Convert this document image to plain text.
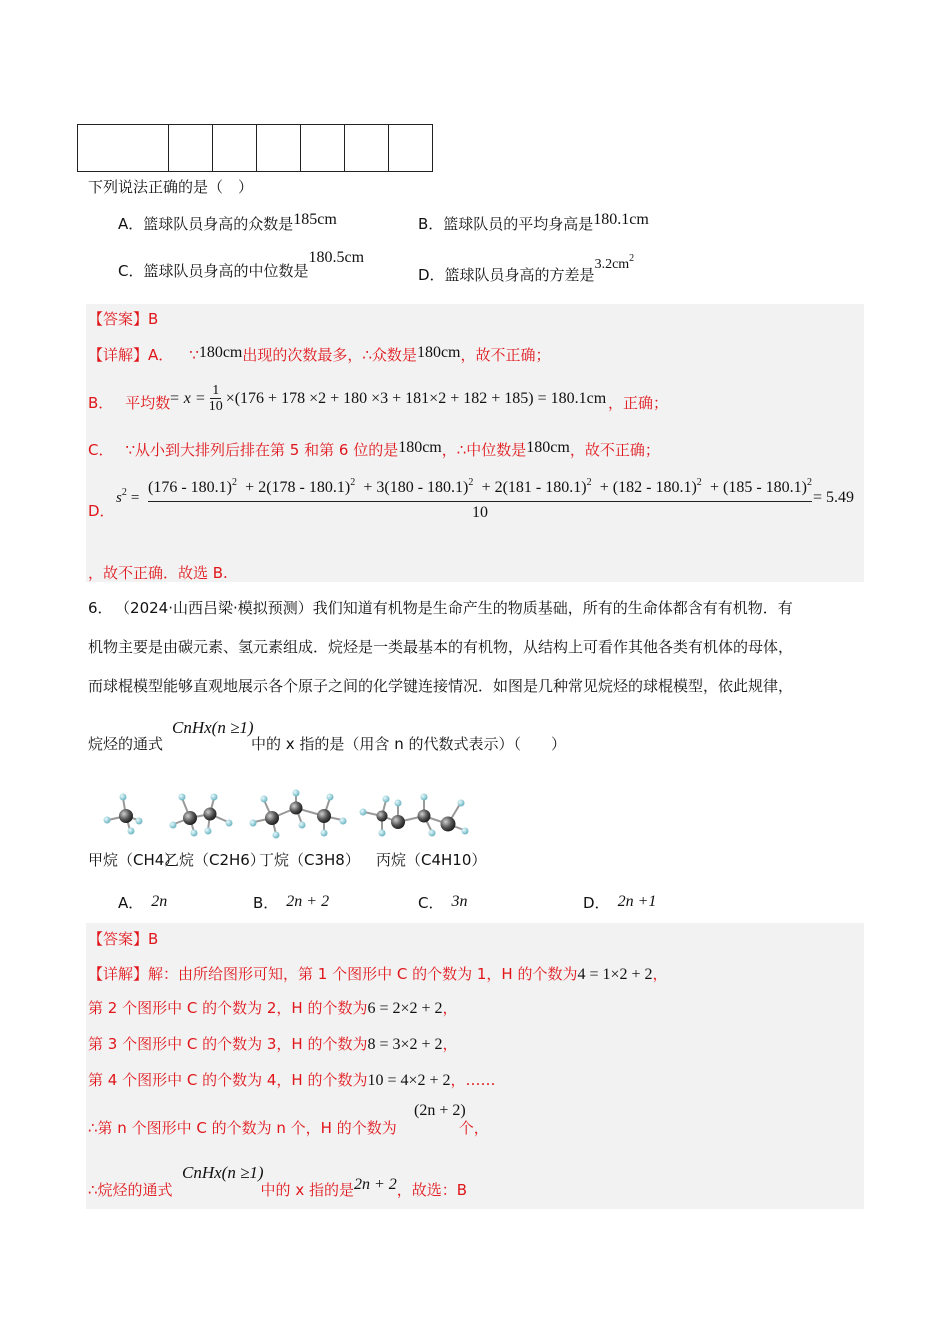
下列说法正确的是（　）
A．篮球队员身高的众数是185cm	B．篮球队员的平均身高是180.1cm
C．篮球队员身高的中位数是180.5cm
D．篮球队员身高的方差是$3.2cm^2$
【答案】B
【详解】A． ∵180cm出现的次数最多，∴众数是180cm，故不正确；
B． 平均数
= $x = \frac{1}{10} \times(176 + 178 \times 2 + 180 \times 3 + 181\times 2 + 182 + 185) = 180.1cm$ ，正确；
C． ∵从小到大排列后排在第 5 和第 6 位的是180cm，∴中位数是180cm，故不正确；
D．
$s^2$ =
(176 - 180.1)$^2$ + 2(178 - 180.1)$^2$ + 3(180 - 180.1)$^2$ + 2(181 - 180.1)$^2$ + (182 - 180.1)$^2$ + (185 - 180.1)$^2$
10
= 5.49
，故不正确．故选 B.
6． （2024·山西吕梁·模拟预测）我们知道有机物是生命产生的物质基础，所有的生命体都含有有机物．有
机物主要是由碳元素、氢元素组成．烷烃是一类最基本的有机物，从结构上可看作其他各类有机体的母体，
而球棍模型能够直观地展示各个原子之间的化学键连接情况．如图是几种常见烷烃的球棍模型，依此规律，
烷烃的通式	中的 x 指的是（用含 n 的代数式表示）（　　）
CnHx(n ≥1)
甲烷（CH4）
乙烷（C2H6）
丁烷（C3H8） 丙烷（C4H10）
A． 2n	B． 2n + 2	C． 3n	D． 2n +1
【答案】B
【详解】解：由所给图形可知，第 1 个图形中 C 的个数为 1，H 的个数为4 = 1×2 + 2，
第 2 个图形中 C 的个数为 2，H 的个数为6 = 2×2 + 2，
第 3 个图形中 C 的个数为 3，H 的个数为8 = 3×2 + 2，
第 4 个图形中 C 的个数为 4，H 的个数为10 = 4×2 + 2，……
∴第 n 个图形中 C 的个数为 n 个，H 的个数为	个，
(2n + 2)
∴烷烃的通式	中的 x 指的是2n + 2，故选：B
CnHx(n ≥1)
